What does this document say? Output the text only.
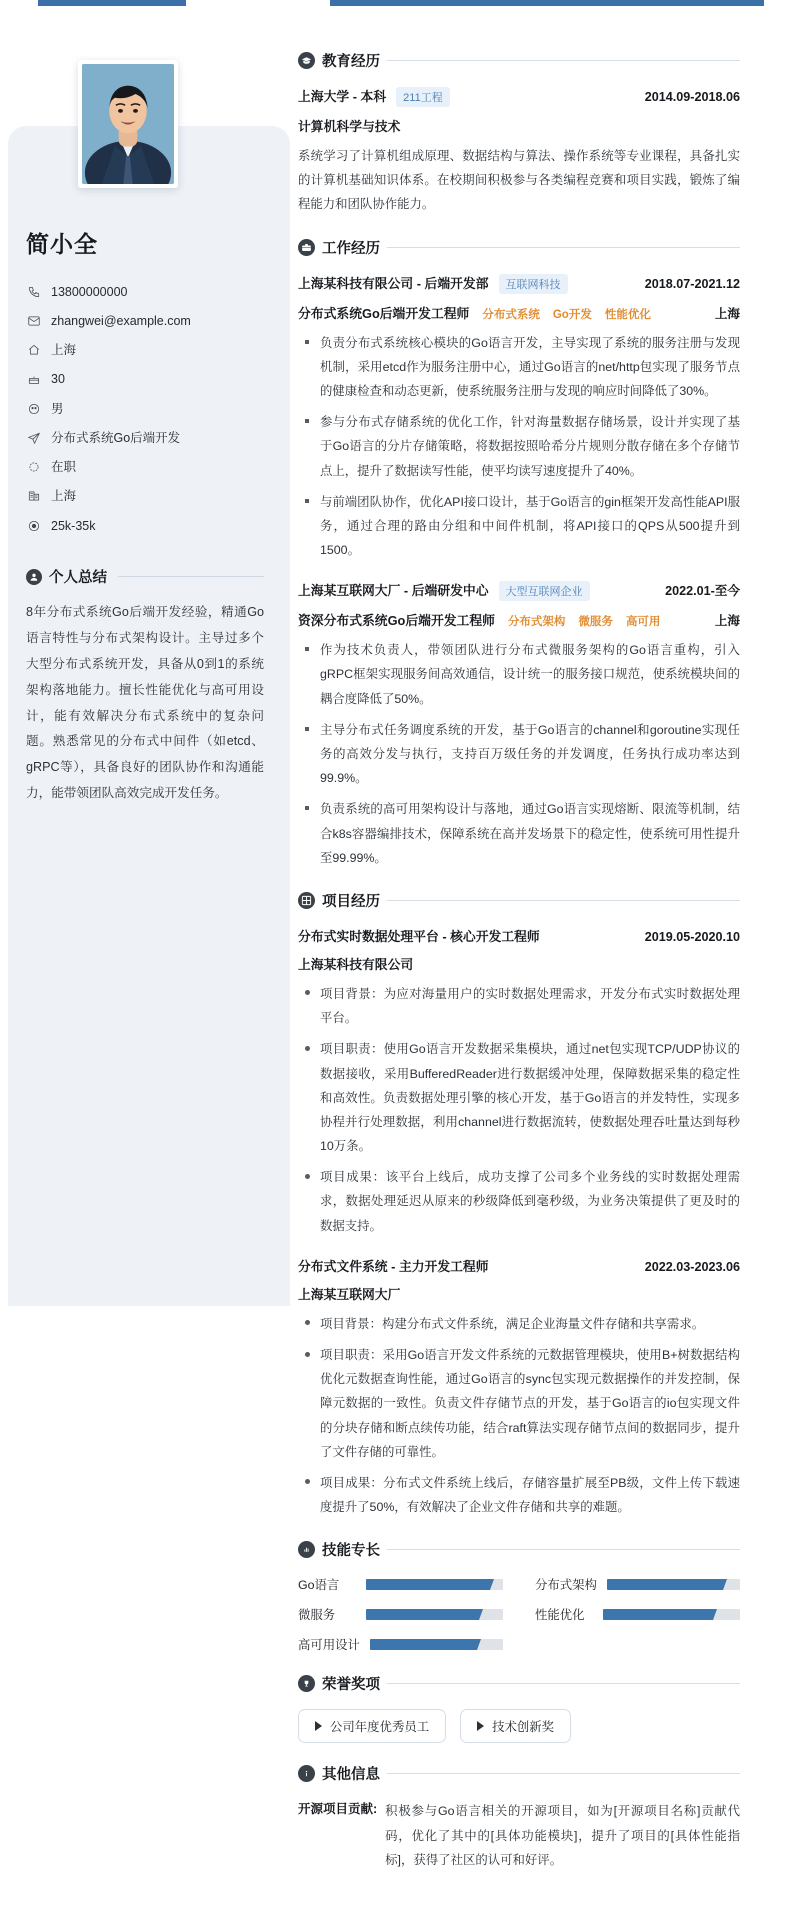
简小全
13800000000
zhangwei@example.com
上海
30
男
分布式系统Go后端开发
在职
上海
25k-35k
个人总结
8年分布式系统Go后端开发经验，精通Go语言特性与分布式架构设计。主导过多个大型分布式系统开发，具备从0到1的系统架构落地能力。擅长性能优化与高可用设计，能有效解决分布式系统中的复杂问题。熟悉常见的分布式中间件（如etcd、gRPC等），具备良好的团队协作和沟通能力，能带领团队高效完成开发任务。
教育经历
上海大学 - 本科	211工程	2014.09-2018.06
计算机科学与技术
系统学习了计算机组成原理、数据结构与算法、操作系统等专业课程，具备扎实的计算机基础知识体系。在校期间积极参与各类编程竞赛和项目实践，锻炼了编程能力和团队协作能力。
工作经历
上海某科技有限公司 - 后端开发部	互联网科技	2018.07-2021.12
分布式系统Go后端开发工程师 分布式系统 Go开发 性能优化	上海
负责分布式系统核心模块的Go语言开发，主导实现了系统的服务注册与发现机制，采用etcd作为服务注册中心，通过Go语言的net/http包实现了服务节点的健康检查和动态更新，使系统服务注册与发现的响应时间降低了30%。
参与分布式存储系统的优化工作，针对海量数据存储场景，设计并实现了基于Go语言的分片存储策略，将数据按照哈希分片规则分散存储在多个存储节点上，提升了数据读写性能，使平均读写速度提升了40%。
与前端团队协作，优化API接口设计，基于Go语言的gin框架开发高性能API服务，通过合理的路由分组和中间件机制，将API接口的QPS从500提升到1500。
上海某互联网大厂 - 后端研发中心	大型互联网企业	2022.01-至今
资深分布式系统Go后端开发工程师 分布式架构 微服务 高可用	上海
作为技术负责人，带领团队进行分布式微服务架构的Go语言重构，引入gRPC框架实现服务间高效通信，设计统一的服务接口规范，使系统模块间的耦合度降低了50%。
主导分布式任务调度系统的开发，基于Go语言的channel和goroutine实现任务的高效分发与执行，支持百万级任务的并发调度，任务执行成功率达到99.9%。
负责系统的高可用架构设计与落地，通过Go语言实现熔断、限流等机制，结合k8s容器编排技术，保障系统在高并发场景下的稳定性，使系统可用性提升至99.99%。
项目经历
分布式实时数据处理平台 - 核心开发工程师	2019.05-2020.10
上海某科技有限公司
项目背景：为应对海量用户的实时数据处理需求，开发分布式实时数据处理平台。
项目职责：使用Go语言开发数据采集模块，通过net包实现TCP/UDP协议的数据接收，采用BufferedReader进行数据缓冲处理，保障数据采集的稳定性和高效性。负责数据处理引擎的核心开发，基于Go语言的并发特性，实现多协程并行处理数据，利用channel进行数据流转，使数据处理吞吐量达到每秒10万条。
项目成果：该平台上线后，成功支撑了公司多个业务线的实时数据处理需求，数据处理延迟从原来的秒级降低到毫秒级，为业务决策提供了更及时的数据支持。
分布式文件系统 - 主力开发工程师	2022.03-2023.06
上海某互联网大厂
项目背景：构建分布式文件系统，满足企业海量文件存储和共享需求。
项目职责：采用Go语言开发文件系统的元数据管理模块，使用B+树数据结构优化元数据查询性能，通过Go语言的sync包实现元数据操作的并发控制，保障元数据的一致性。负责文件存储节点的开发，基于Go语言的io包实现文件的分块存储和断点续传功能，结合raft算法实现存储节点间的数据同步，提升了文件存储的可靠性。
项目成果：分布式文件系统上线后，存储容量扩展至PB级，文件上传下载速度提升了50%，有效解决了企业文件存储和共享的难题。
技能专长
Go语言	分布式架构
微服务	性能优化
高可用设计
荣誉奖项
公司年度优秀员工	技术创新奖
其他信息
开源项目贡献: 积极参与Go语言相关的开源项目，如为[开源项目名称]贡献代码，优化了其中的[具体功能模块]，提升了项目的[具体性能指标]，获得了社区的认可和好评。
